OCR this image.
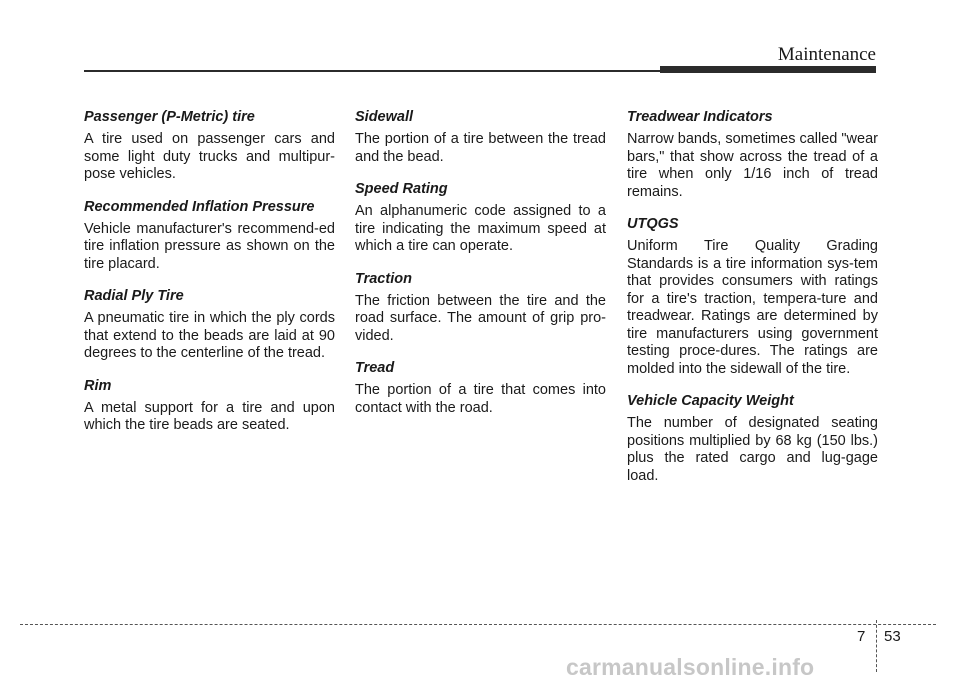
Maintenance

Passenger (P-Metric) tire

A tire used on passenger cars and some light duty trucks and multipur-pose vehicles.

Recommended Inflation Pressure

Vehicle manufacturer's recommend-ed tire inflation pressure as shown on the tire placard.

Radial Ply Tire

A pneumatic tire in which the ply cords that extend to the beads are laid at 90 degrees to the centerline of the tread.

Rim

A metal support for a tire and upon which the tire beads are seated.

Sidewall

The portion of a tire between the tread and the bead.

Speed Rating

An alphanumeric code assigned to a tire indicating the maximum speed at which a tire can operate.

Traction

The friction between the tire and the road surface. The amount of grip pro-vided.

Tread

The portion of a tire that comes into contact with the road.

Treadwear Indicators

Narrow bands, sometimes called "wear bars," that show across the tread of a tire when only 1/16 inch of tread remains.

UTQGS

Uniform Tire Quality Grading Standards is a tire information sys-tem that provides consumers with ratings for a tire's traction, tempera-ture and treadwear. Ratings are determined by tire manufacturers using government testing proce-dures. The ratings are molded into the sidewall of the tire.

Vehicle Capacity Weight

The number of designated seating positions multiplied by 68 kg (150 lbs.) plus the rated cargo and lug-gage load.

7 53
carmanualsonline.info
